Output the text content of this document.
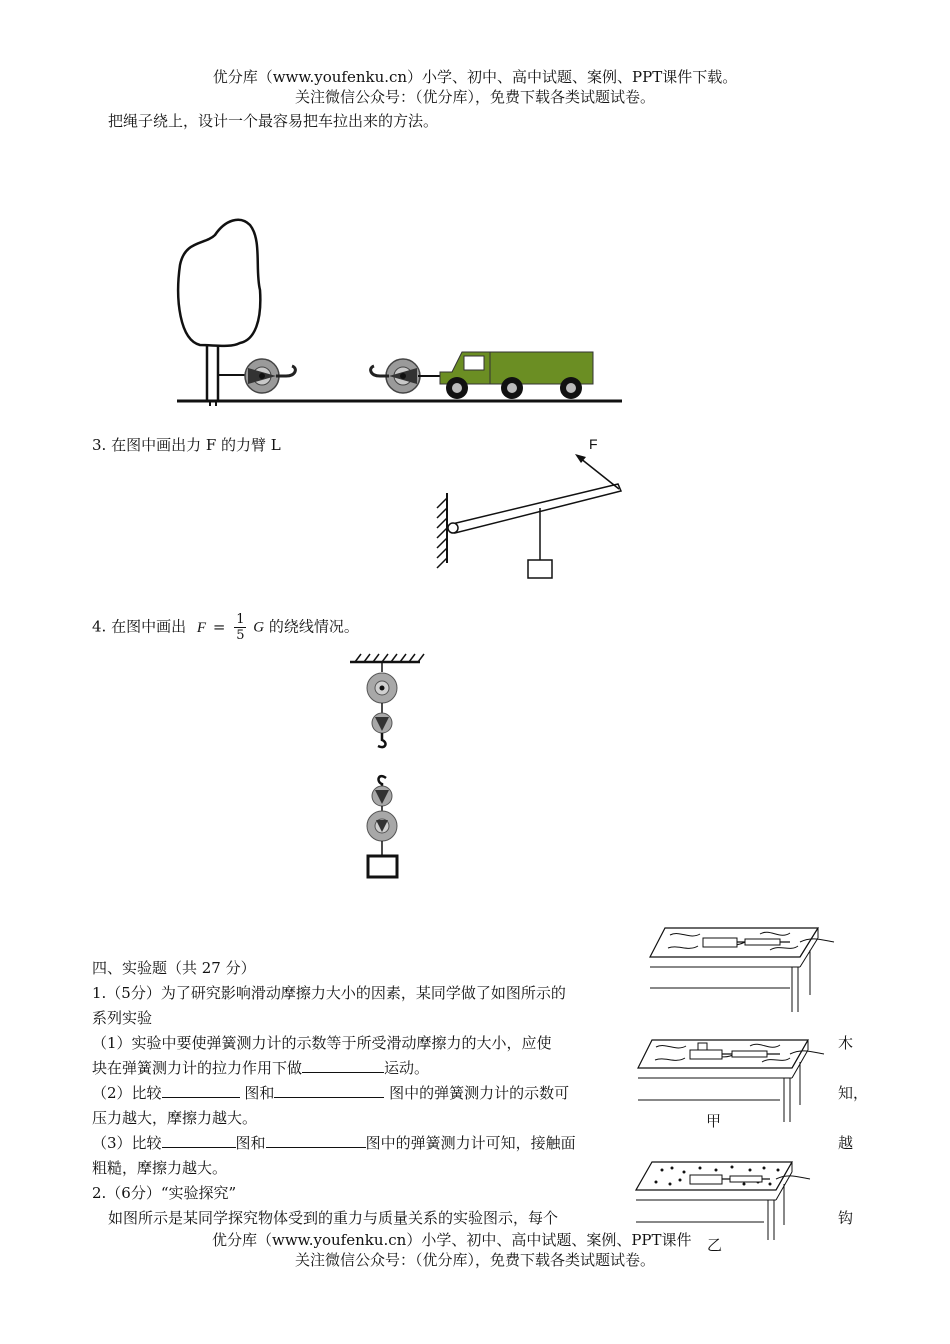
优分库（www.youfenku.cn）小学、初中、高中试题、案例、PPT课件下载。
关注微信公众号：（优分库），免费下载各类试题试卷。
把绳子绕上，设计一个最容易把车拉出来的方法。
3. 在图中画出力 F 的力臂 L	F
4. 在图中画出 $F = \frac{1}{5}$ G 的绕线情况。
四、实验题（共 27 分）
1.（5分）为了研究影响滑动摩擦力大小的因素，某同学做了如图所示的
系列实验
（1）实验中要使弹簧测力计的示数等于所受滑动摩擦力的大小，应使	木
块在弹簧测力计的拉力作用下做	运动。
（2）比较	图和	图中的弹簧测力计的示数可	知，
压力越大，摩擦力越大。
（3）比较	图和	图中的弹簧测力计可知，接触面	越
粗糙，摩擦力越大。
2.（6分）“实验探究”
如图所示是某同学探究物体受到的重力与质量关系的实验图示，每个	钩
甲
乙
优分库（www.youfenku.cn）小学、初中、高中试题、案例、PPT课件
关注微信公众号：（优分库），免费下载各类试题试卷。
